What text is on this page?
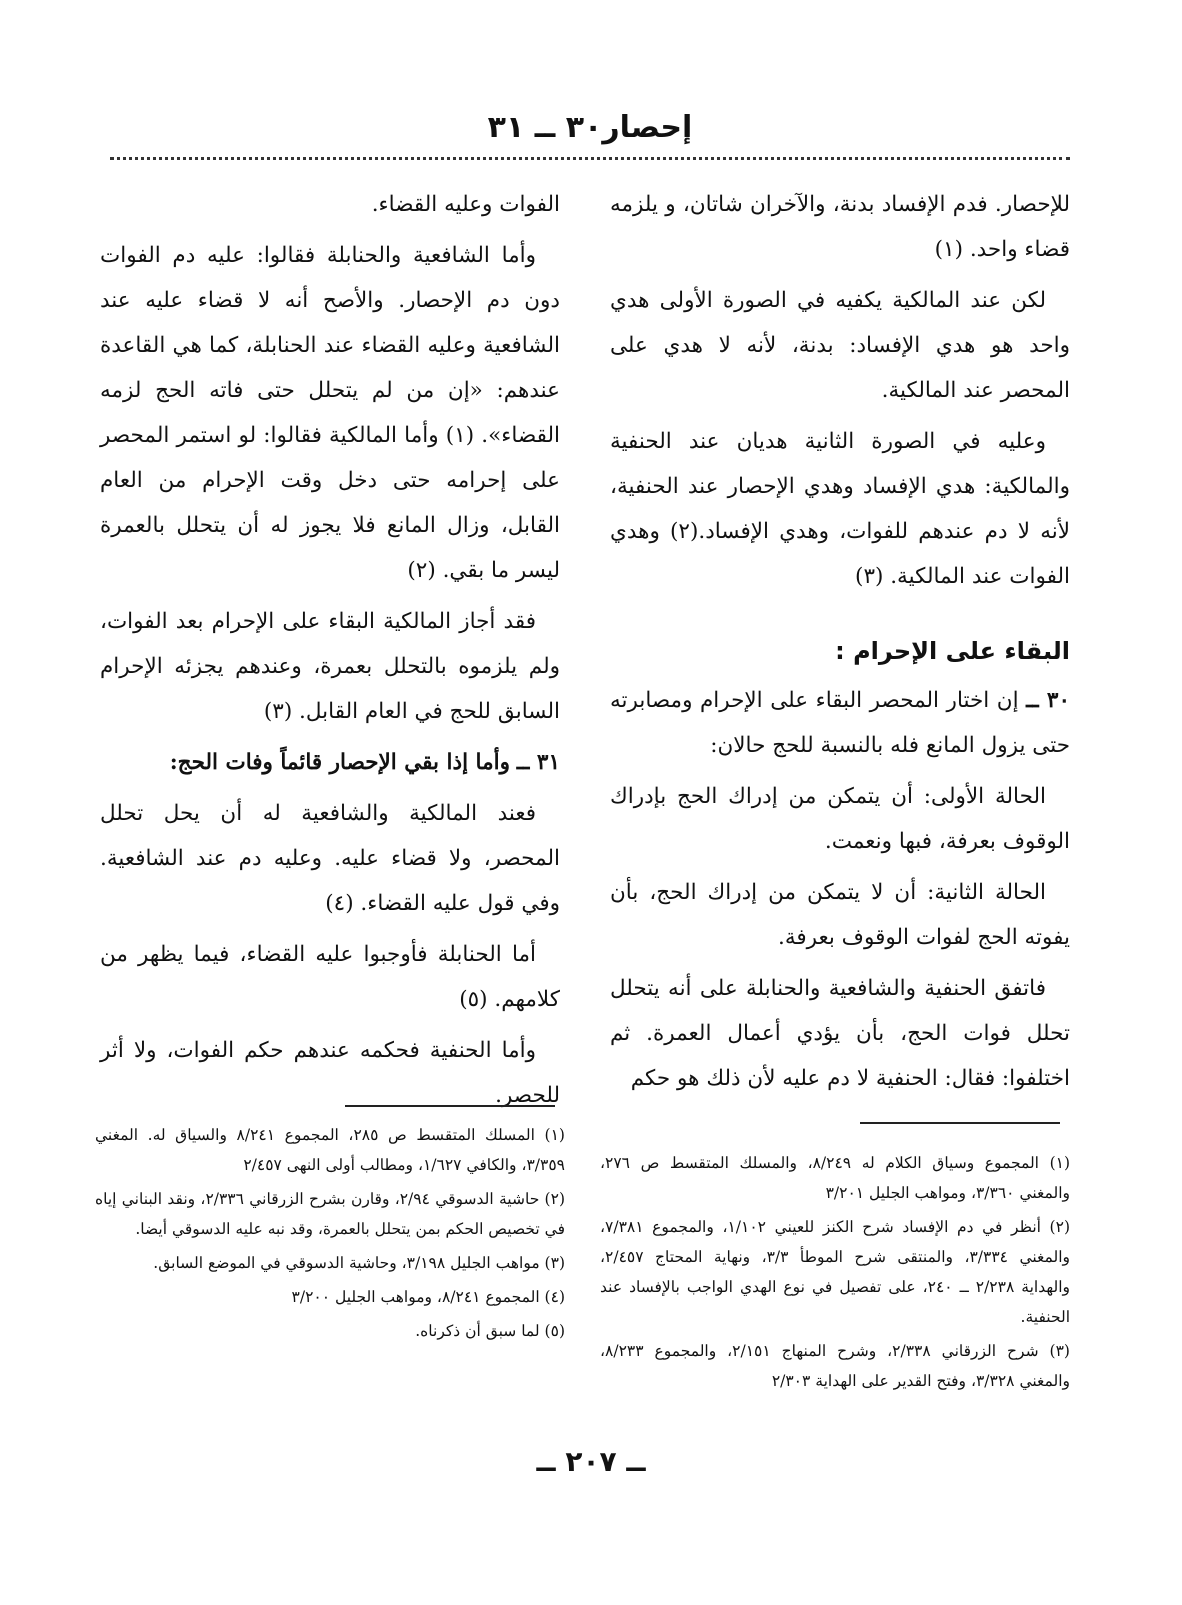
إحصار٣٠ ــ ٣١

للإحصار. فدم الإفساد بدنة، والآخران شاتان، و يلزمه قضاء واحد. (١)

لكن عند المالكية يكفيه في الصورة الأولى هدي واحد هو هدي الإفساد: بدنة، لأنه لا هدي على المحصر عند المالكية.

وعليه في الصورة الثانية هديان عند الحنفية والمالكية: هدي الإفساد وهدي الإحصار عند الحنفية، لأنه لا دم عندهم للفوات، وهدي الإفساد.(٢) وهدي الفوات عند المالكية. (٣)

البقاء على الإحرام :

٣٠ ــ إن اختار المحصر البقاء على الإحرام ومصابرته حتى يزول المانع فله بالنسبة للحج حالان:

الحالة الأولى: أن يتمكن من إدراك الحج بإدراك الوقوف بعرفة، فبها ونعمت.

الحالة الثانية: أن لا يتمكن من إدراك الحج، بأن يفوته الحج لفوات الوقوف بعرفة.

فاتفق الحنفية والشافعية والحنابلة على أنه يتحلل تحلل فوات الحج، بأن يؤدي أعمال العمرة. ثم اختلفوا: فقال: الحنفية لا دم عليه لأن ذلك هو حكم

الفوات وعليه القضاء.

وأما الشافعية والحنابلة فقالوا: عليه دم الفوات دون دم الإحصار. والأصح أنه لا قضاء عليه عند الشافعية وعليه القضاء عند الحنابلة، كما هي القاعدة عندهم: «إن من لم يتحلل حتى فاته الحج لزمه القضاء». (١) وأما المالكية فقالوا: لو استمر المحصر على إحرامه حتى دخل وقت الإحرام من العام القابل، وزال المانع فلا يجوز له أن يتحلل بالعمرة ليسر ما بقي. (٢)

فقد أجاز المالكية البقاء على الإحرام بعد الفوات، ولم يلزموه بالتحلل بعمرة، وعندهم يجزئه الإحرام السابق للحج في العام القابل. (٣)

٣١ ــ وأما إذا بقي الإحصار قائماً وفات الحج:

فعند المالكية والشافعية له أن يحل تحلل المحصر، ولا قضاء عليه. وعليه دم عند الشافعية. وفي قول عليه القضاء. (٤)

أما الحنابلة فأوجبوا عليه القضاء، فيما يظهر من كلامهم. (٥)

وأما الحنفية فحكمه عندهم حكم الفوات، ولا أثر للحصر.

(١) المجموع وسياق الكلام له ٨/٢٤٩، والمسلك المتقسط ص ٢٧٦، والمغني ٣/٣٦٠، ومواهب الجليل ٣/٢٠١

(٢) أنظر في دم الإفساد شرح الكنز للعيني ١/١٠٢، والمجموع ٧/٣٨١، والمغني ٣/٣٣٤، والمنتقى شرح الموطأ ٣/٣، ونهاية المحتاج ٢/٤٥٧، والهداية ٢/٢٣٨ ــ ٢٤٠، على تفصيل في نوع الهدي الواجب بالإفساد عند الحنفية.

(٣) شرح الزرقاني ٢/٣٣٨، وشرح المنهاج ٢/١٥١، والمجموع ٨/٢٣٣، والمغني ٣/٣٢٨، وفتح القدير على الهداية ٢/٣٠٣

(١) المسلك المتقسط ص ٢٨٥، المجموع ٨/٢٤١ والسياق له. المغني ٣/٣٥٩، والكافي ١/٦٢٧، ومطالب أولى النهى ٢/٤٥٧

(٢) حاشية الدسوقي ٢/٩٤، وقارن بشرح الزرقاني ٢/٣٣٦، ونقد البناني إياه في تخصيص الحكم بمن يتحلل بالعمرة، وقد نبه عليه الدسوقي أيضا.

(٣) مواهب الجليل ٣/١٩٨، وحاشية الدسوقي في الموضع السابق.

(٤) المجموع ٨/٢٤١، ومواهب الجليل ٣/٢٠٠

(٥) لما سبق أن ذكرناه.

ــ ٢٠٧ ــ
